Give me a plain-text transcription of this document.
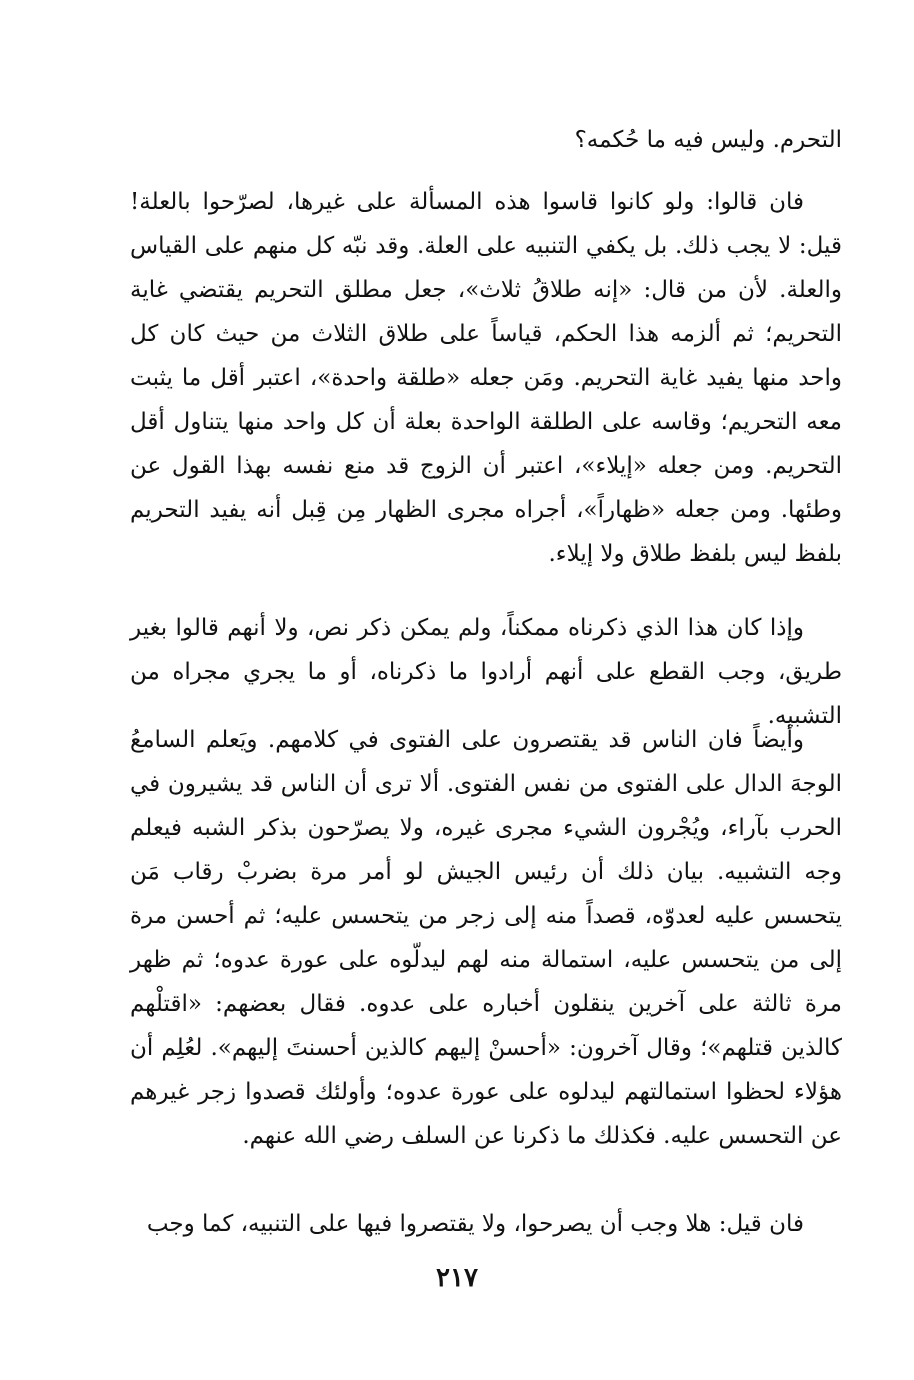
التحرم. وليس فيه ما حُكمه؟

فان قالوا: ولو كانوا قاسوا هذه المسألة على غيرها، لصرّحوا بالعلة! قيل: لا يجب ذلك. بل يكفي التنبيه على العلة. وقد نبّه كل منهم على القياس والعلة. لأن من قال: «إنه طلاقُ ثلاث»، جعل مطلق التحريم يقتضي غاية التحريم؛ ثم ألزمه هذا الحكم، قياساً على طلاق الثلاث من حيث كان كل واحد منها يفيد غاية التحريم. ومَن جعله «طلقة واحدة»، اعتبر أقل ما يثبت معه التحريم؛ وقاسه على الطلقة الواحدة بعلة أن كل واحد منها يتناول أقل التحريم. ومن جعله «إيلاء»، اعتبر أن الزوج قد منع نفسه بهذا القول عن وطئها. ومن جعله «ظهاراً»، أجراه مجرى الظهار مِن قِبل أنه يفيد التحريم بلفظ ليس بلفظ طلاق ولا إيلاء.

وإذا كان هذا الذي ذكرناه ممكناً، ولم يمكن ذكر نص، ولا أنهم قالوا بغير طريق، وجب القطع على أنهم أرادوا ما ذكرناه، أو ما يجري مجراه من التشبيه.

وأيضاً فان الناس قد يقتصرون على الفتوى في كلامهم. ويَعلم السامعُ الوجهَ الدال على الفتوى من نفس الفتوى. ألا ترى أن الناس قد يشيرون في الحرب بآراء، ويُجْرون الشيء مجرى غيره، ولا يصرّحون بذكر الشبه فيعلم وجه التشبيه. بيان ذلك أن رئيس الجيش لو أمر مرة بضربْ رقاب مَن يتحسس عليه لعدوّه، قصداً منه إلى زجر من يتحسس عليه؛ ثم أحسن مرة إلى من يتحسس عليه، استمالة منه لهم ليدلّوه على عورة عدوه؛ ثم ظهر مرة ثالثة على آخرين ينقلون أخباره على عدوه. فقال بعضهم: «اقتلْهم كالذين قتلهم»؛ وقال آخرون: «أحسنْ إليهم كالذين أحسنتَ إليهم». لعُلِم أن هؤلاء لحظوا استمالتهم ليدلوه على عورة عدوه؛ وأولئك قصدوا زجر غيرهم عن التحسس عليه. فكذلك ما ذكرنا عن السلف رضي الله عنهم.

فان قيل: هلا وجب أن يصرحوا، ولا يقتصروا فيها على التنبيه، كما وجب

٢١٧
